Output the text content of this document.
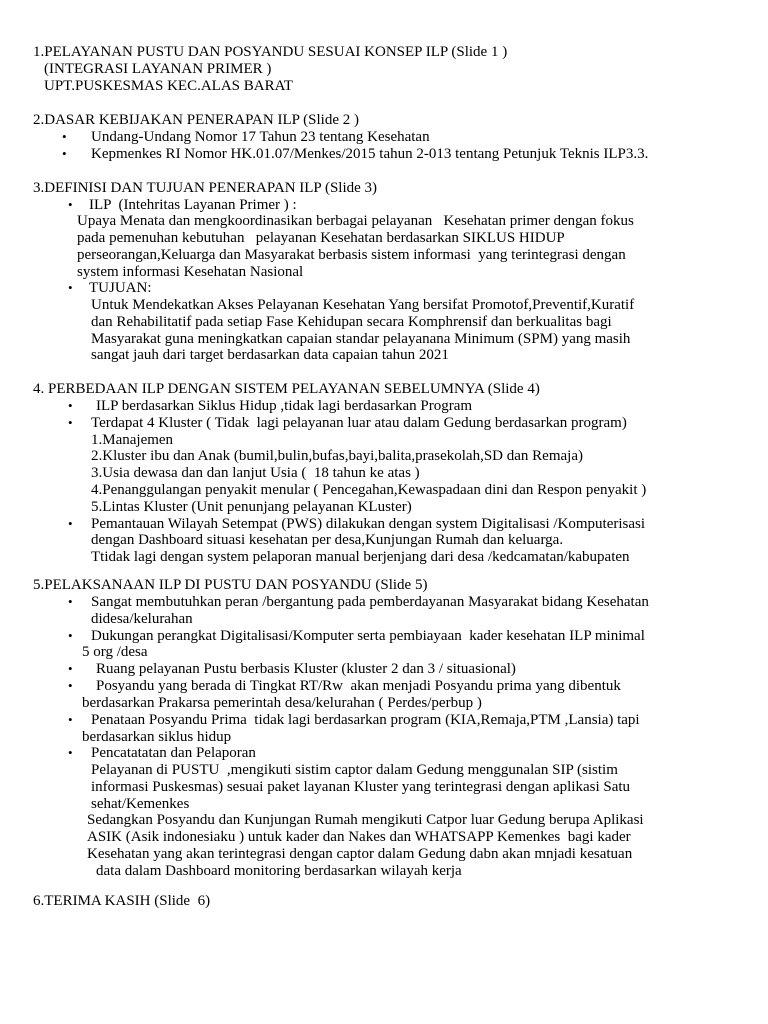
1.PELAYANAN PUSTU DAN POSYANDU SESUAI KONSEP ILP (Slide 1 )
(INTEGRASI LAYANAN PRIMER )
UPT.PUSKESMAS KEC.ALAS BARAT
2.DASAR KEBIJAKAN PENERAPAN ILP (Slide 2 )
• Undang-Undang Nomor 17 Tahun 23 tentang Kesehatan
• Kepmenkes RI Nomor HK.01.07/Menkes/2015 tahun 2-013 tentang Petunjuk Teknis ILP3.3.
3.DEFINISI DAN TUJUAN PENERAPAN ILP (Slide 3)
• ILP  (Intehritas Layanan Primer ) :
Upaya Menata dan mengkoordinasikan berbagai pelayanan   Kesehatan primer dengan fokus
pada pemenuhan kebutuhan   pelayanan Kesehatan berdasarkan SIKLUS HIDUP
perseorangan,Keluarga dan Masyarakat berbasis sistem informasi  yang terintegrasi dengan
system informasi Kesehatan Nasional
• TUJUAN:
Untuk Mendekatkan Akses Pelayanan Kesehatan Yang bersifat Promotof,Preventif,Kuratif
dan Rehabilitatif pada setiap Fase Kehidupan secara Komphrensif dan berkualitas bagi
Masyarakat guna meningkatkan capaian standar pelayanana Minimum (SPM) yang masih
sangat jauh dari target berdasarkan data capaian tahun 2021
4. PERBEDAAN ILP DENGAN SISTEM PELAYANAN SEBELUMNYA (Slide 4)
• ILP berdasarkan Siklus Hidup ,tidak lagi berdasarkan Program
• Terdapat 4 Kluster ( Tidak  lagi pelayanan luar atau dalam Gedung berdasarkan program)
1.Manajemen
2.Kluster ibu dan Anak (bumil,bulin,bufas,bayi,balita,prasekolah,SD dan Remaja)
3.Usia dewasa dan dan lanjut Usia (  18 tahun ke atas )
4.Penanggulangan penyakit menular ( Pencegahan,Kewaspadaan dini dan Respon penyakit )
5.Lintas Kluster (Unit penunjang pelayanan KLuster)
• Pemantauan Wilayah Setempat (PWS) dilakukan dengan system Digitalisasi /Komputerisasi
dengan Dashboard situasi kesehatan per desa,Kunjungan Rumah dan keluarga.
Ttidak lagi dengan system pelaporan manual berjenjang dari desa /kedcamatan/kabupaten
5.PELAKSANAAN ILP DI PUSTU DAN POSYANDU (Slide 5)
• Sangat membutuhkan peran /bergantung pada pemberdayanan Masyarakat bidang Kesehatan
didesa/kelurahan
• Dukungan perangkat Digitalisasi/Komputer serta pembiayaan  kader kesehatan ILP minimal
5 org /desa
• Ruang pelayanan Pustu berbasis Kluster (kluster 2 dan 3 / situasional)
• Posyandu yang berada di Tingkat RT/Rw  akan menjadi Posyandu prima yang dibentuk
berdasarkan Prakarsa pemerintah desa/kelurahan ( Perdes/perbup )
• Penataan Posyandu Prima  tidak lagi berdasarkan program (KIA,Remaja,PTM ,Lansia) tapi
berdasarkan siklus hidup
• Pencatatatan dan Pelaporan
Pelayanan di PUSTU  ,mengikuti sistim captor dalam Gedung menggunalan SIP (sistim
informasi Puskesmas) sesuai paket layanan Kluster yang terintegrasi dengan aplikasi Satu
sehat/Kemenkes
Sedangkan Posyandu dan Kunjungan Rumah mengikuti Catpor luar Gedung berupa Aplikasi
ASIK (Asik indonesiaku ) untuk kader dan Nakes dan WHATSAPP Kemenkes  bagi kader
Kesehatan yang akan terintegrasi dengan captor dalam Gedung dabn akan mnjadi kesatuan
data dalam Dashboard monitoring berdasarkan wilayah kerja
6.TERIMA KASIH (Slide  6)
